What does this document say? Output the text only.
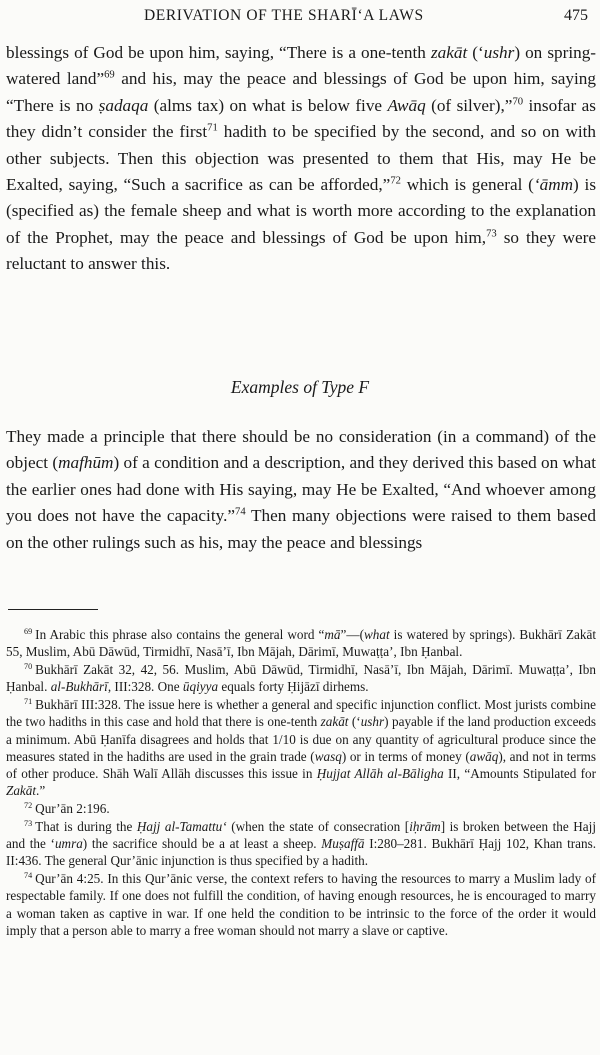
DERIVATION OF THE SHARĪ‘A LAWS	475

blessings of God be upon him, saying, “There is a one-tenth zakāt (‘ushr) on spring-watered land”$^{69}$ and his, may the peace and blessings of God be upon him, saying “There is no ṣadaqa (alms tax) on what is below five Awāq (of silver),”$^{70}$ insofar as they didn’t consider the first$^{71}$ hadith to be specified by the second, and so on with other subjects. Then this objection was presented to them that His, may He be Exalted, saying, “Such a sacrifice as can be afforded,”$^{72}$ which is general (‘āmm) is (specified as) the female sheep and what is worth more according to the explanation of the Prophet, may the peace and blessings of God be upon him,$^{73}$ so they were reluctant to answer this.

Examples of Type F

They made a principle that there should be no consideration (in a command) of the object (mafhūm) of a condition and a description, and they derived this based on what the earlier ones had done with His saying, may He be Exalted, “And whoever among you does not have the capacity.”$^{74}$ Then many objections were raised to them based on the other rulings such as his, may the peace and blessings

$^{69}$ In Arabic this phrase also contains the general word “mā”—(what is watered by springs). Bukhārī Zakāt 55, Muslim, Abū Dāwūd, Tirmidhī, Nasā’ī, Ibn Mājah, Dārimī, Muwaṭṭa’, Ibn Ḥanbal.

$^{70}$ Bukhārī Zakāt 32, 42, 56. Muslim, Abū Dāwūd, Tirmidhī, Nasā’ī, Ibn Mājah, Dārimī. Muwaṭṭa’, Ibn Ḥanbal. al-Bukhārī, III:328. One ūqiyya equals forty Ḥijāzī dirhems.

$^{71}$ Bukhārī III:328. The issue here is whether a general and specific injunction conflict. Most jurists combine the two hadiths in this case and hold that there is one-tenth zakāt (‘ushr) payable if the land production exceeds a minimum. Abū Ḥanīfa disagrees and holds that 1/10 is due on any quantity of agricultural produce since the measures stated in the hadiths are used in the grain trade (wasq) or in terms of money (awāq), and not in terms of other produce. Shāh Walī Allāh discusses this issue in Ḥujjat Allāh al-Bāligha II, “Amounts Stipulated for Zakāt.”

$^{72}$ Qur’ān 2:196.

$^{73}$ That is during the Ḥajj al-Tamattu‘ (when the state of consecration [iḥrām] is broken between the Hajj and the ‘umra) the sacrifice should be a at least a sheep. Muṣaffā I:280–281. Bukhārī Ḥajj 102, Khan trans. II:436. The general Qur’ānic injunction is thus specified by a hadith.

$^{74}$ Qur’ān 4:25. In this Qur’ānic verse, the context refers to having the resources to marry a Muslim lady of respectable family. If one does not fulfill the condition, of having enough resources, he is encouraged to marry a woman taken as captive in war. If one held the condition to be intrinsic to the force of the order it would imply that a person able to marry a free woman should not marry a slave or captive.
